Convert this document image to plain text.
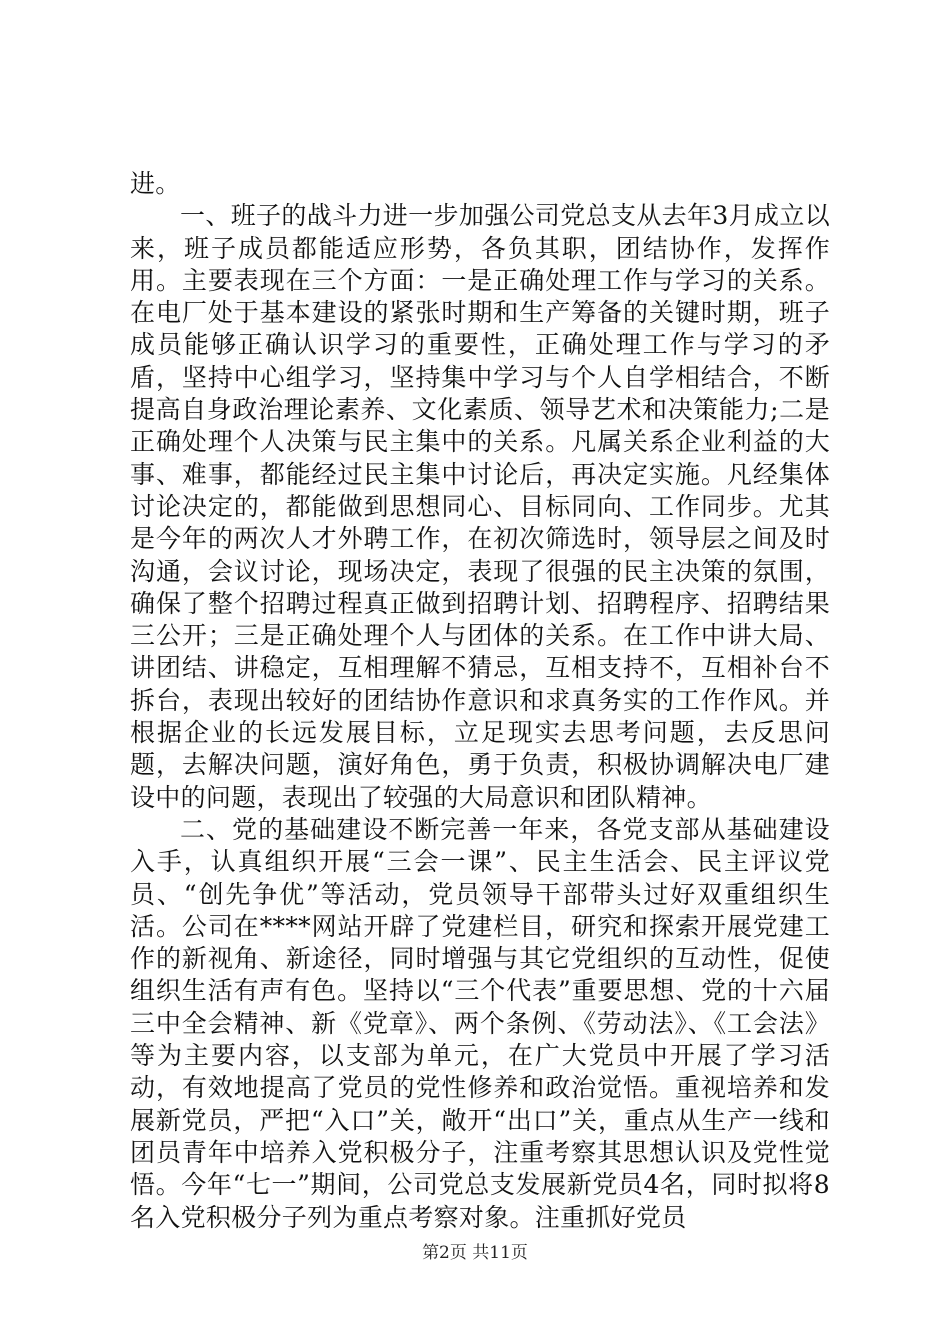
进。

一、班子的战斗力进一步加强公司党总支从去年3月成立以来，班子成员都能适应形势，各负其职，团结协作，发挥作用。主要表现在三个方面：一是正确处理工作与学习的关系。在电厂处于基本建设的紧张时期和生产筹备的关键时期，班子成员能够正确认识学习的重要性，正确处理工作与学习的矛盾，坚持中心组学习，坚持集中学习与个人自学相结合，不断提高自身政治理论素养、文化素质、领导艺术和决策能力;二是正确处理个人决策与民主集中的关系。凡属关系企业利益的大事、难事，都能经过民主集中讨论后，再决定实施。凡经集体讨论决定的，都能做到思想同心、目标同向、工作同步。尤其是今年的两次人才外聘工作，在初次筛选时，领导层之间及时沟通，会议讨论，现场决定，表现了很强的民主决策的氛围，确保了整个招聘过程真正做到招聘计划、招聘程序、招聘结果三公开；三是正确处理个人与团体的关系。在工作中讲大局、讲团结、讲稳定，互相理解不猜忌，互相支持不，互相补台不拆台，表现出较好的团结协作意识和求真务实的工作作风。并根据企业的长远发展目标，立足现实去思考问题，去反思问题，去解决问题，演好角色，勇于负责，积极协调解决电厂建设中的问题，表现出了较强的大局意识和团队精神。

二、党的基础建设不断完善一年来，各党支部从基础建设入手，认真组织开展“三会一课”、民主生活会、民主评议党员、“创先争优”等活动，党员领导干部带头过好双重组织生活。公司在****网站开辟了党建栏目，研究和探索开展党建工作的新视角、新途径，同时增强与其它党组织的互动性，促使组织生活有声有色。坚持以“三个代表”重要思想、党的十六届三中全会精神、新《党章》、两个条例、《劳动法》、《工会法》等为主要内容，以支部为单元，在广大党员中开展了学习活动，有效地提高了党员的党性修养和政治觉悟。重视培养和发展新党员，严把“入口”关，敞开“出口”关，重点从生产一线和团员青年中培养入党积极分子，注重考察其思想认识及党性觉悟。今年“七一”期间，公司党总支发展新党员4名，同时拟将8名入党积极分子列为重点考察对象。注重抓好党员

第2页 共11页
